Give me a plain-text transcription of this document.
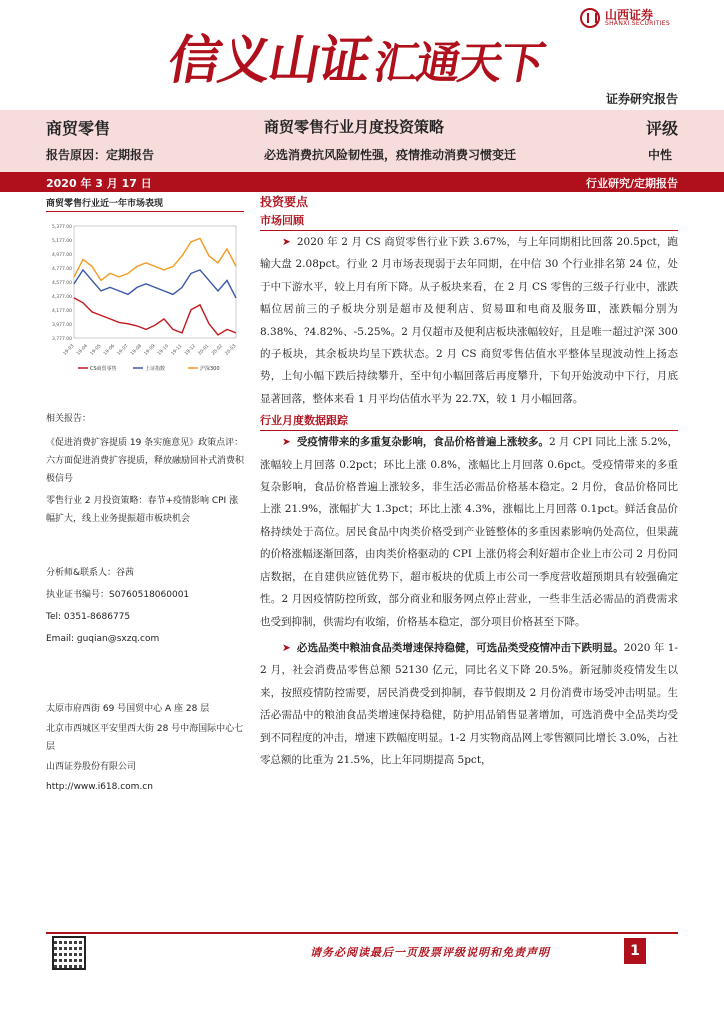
信义山证汇通天下
山西证券
SHANXI SECURITIES
证券研究报告
商贸零售
报告原因：定期报告
商贸零售行业月度投资策略
必选消费抗风险韧性强，疫情推动消费习惯变迁
评级
中性
2020 年 3 月 17 日	行业研究/定期报告
商贸零售行业近一年市场表现
5,377.00
5,177.00
4,977.00
4,777.00
4,577.00
4,377.00
4,177.00
3,977.00
3,777.00
19-03 19-04 19-05 19-06 19-07 19-08 19-09 19-10 19-11 19-12 20-01 20-02 20-03
CS商贸零售	上证指数	沪深300

相关报告：

《促进消费扩容提质 19 条实施意见》政策点评：六方面促进消费扩容提质，释放融励回补式消费积极信号

零售行业 2 月投资策略：春节+疫情影响 CPI 涨幅扩大，线上业务提振超市板块机会

分析师&联系人：谷茜

执业证书编号：S0760518060001

Tel: 0351-8686775

Email: guqian@sxzq.com

太原市府西街 69 号国贸中心 A 座 28 层

北京市西城区平安里西大街 28 号中海国际中心七层

山西证券股份有限公司

http://www.i618.com.cn

投资要点
市场回顾

➤ 2020 年 2 月 CS 商贸零售行业下跌 3.67%，与上年同期相比回落 20.5pct，跑输大盘 2.08pct。行业 2 月市场表现弱于去年同期，在中信 30 个行业排名第 24 位，处于中下游水平，较上月有所下降。从子板块来看，在 2 月 CS 零售的三级子行业中，涨跌幅位居前三的子板块分别是超市及便利店、贸易Ⅲ和电商及服务Ⅲ，涨跌幅分别为 8.38%、?4.82%、-5.25%。2 月仅超市及便利店板块涨幅较好，且是唯一超过沪深 300 的子板块，其余板块均呈下跌状态。2 月 CS 商贸零售估值水平整体呈现波动性上扬态势，上旬小幅下跌后持续攀升，至中旬小幅回落后再度攀升，下旬开始波动中下行，月底显著回落，整体来看 1 月平均估值水平为 22.7X，较 1 月小幅回落。

行业月度数据跟踪

➤ 受疫情带来的多重复杂影响，食品价格普遍上涨较多。2 月 CPI 同比上涨 5.2%，涨幅较上月回落 0.2pct；环比上涨 0.8%，涨幅比上月回落 0.6pct。受疫情带来的多重复杂影响，食品价格普遍上涨较多，非生活必需品价格基本稳定。2 月份，食品价格同比上涨 21.9%，涨幅扩大 1.3pct；环比上涨 4.3%，涨幅比上月回落 0.1pct。鲜活食品价格持续处于高位。居民食品中肉类价格受到产业链整体的多重因素影响仍处高位，但果蔬的价格涨幅逐渐回落，由肉类价格驱动的 CPI 上涨仍将会利好超市企业上市公司 2 月份同店数据，在自建供应链优势下，超市板块的优质上市公司一季度营收超预期具有较强确定性。2 月因疫情防控所致，部分商业和服务网点停止营业，一些非生活必需品的消费需求也受到抑制，供需均有收缩，价格基本稳定，部分项目价格甚至下降。

➤ 必选品类中粮油食品类增速保持稳健，可选品类受疫情冲击下跌明显。2020 年 1-2 月，社会消费品零售总额 52130 亿元，同比名义下降 20.5%。新冠肺炎疫情发生以来，按照疫情防控需要，居民消费受到抑制，春节假期及 2 月份消费市场受冲击明显。生活必需品中的粮油食品类增速保持稳健，防护用品销售显著增加，可选消费中全品类均受到不同程度的冲击，增速下跌幅度明显。1-2 月实物商品网上零售额同比增长 3.0%，占社零总额的比重为 21.5%，比上年同期提高 5pct，

请务必阅读最后一页股票评级说明和免责声明	1
